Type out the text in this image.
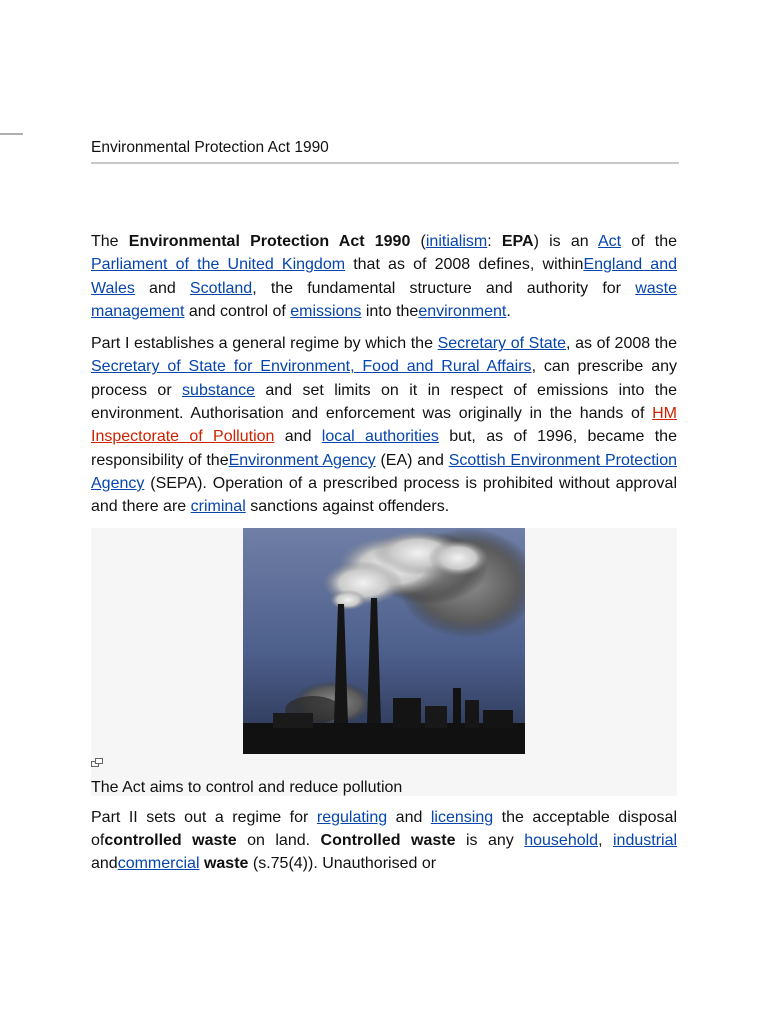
Environmental Protection Act 1990

The Environmental Protection Act 1990 (initialism: EPA) is an Act of the Parliament of the United Kingdom that as of 2008 defines, withinEngland and Wales and Scotland, the fundamental structure and authority for waste management and control of emissions into theenvironment.

Part I establishes a general regime by which the Secretary of State, as of 2008 the Secretary of State for Environment, Food and Rural Affairs, can prescribe any process or substance and set limits on it in respect of emissions into the environment. Authorisation and enforcement was originally in the hands of HM Inspectorate of Pollution and local authorities but, as of 1996, became the responsibility of theEnvironment Agency (EA) and Scottish Environment Protection Agency (SEPA). Operation of a prescribed process is prohibited without approval and there are criminal sanctions against offenders.

The Act aims to control and reduce pollution

Part II sets out a regime for regulating and licensing the acceptable disposal ofcontrolled waste on land. Controlled waste is any household, industrial andcommercial waste (s.75(4)). Unauthorised or
